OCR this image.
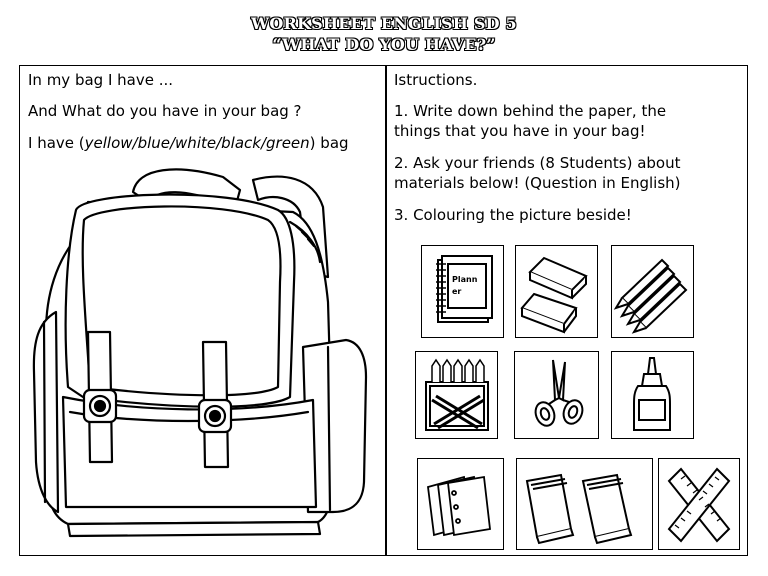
WORKSHEET ENGLISH SD 5
“WHAT DO YOU HAVE?”
In my bag I have ...
And What do you have in your bag ?
I have (yellow/blue/white/black/green) bag
Istructions.
1. Write down behind the paper, the
things that you have in your bag!
2. Ask your friends (8 Students) about
materials below! (Question in English)
3. Colouring the picture beside!
Plann
er
